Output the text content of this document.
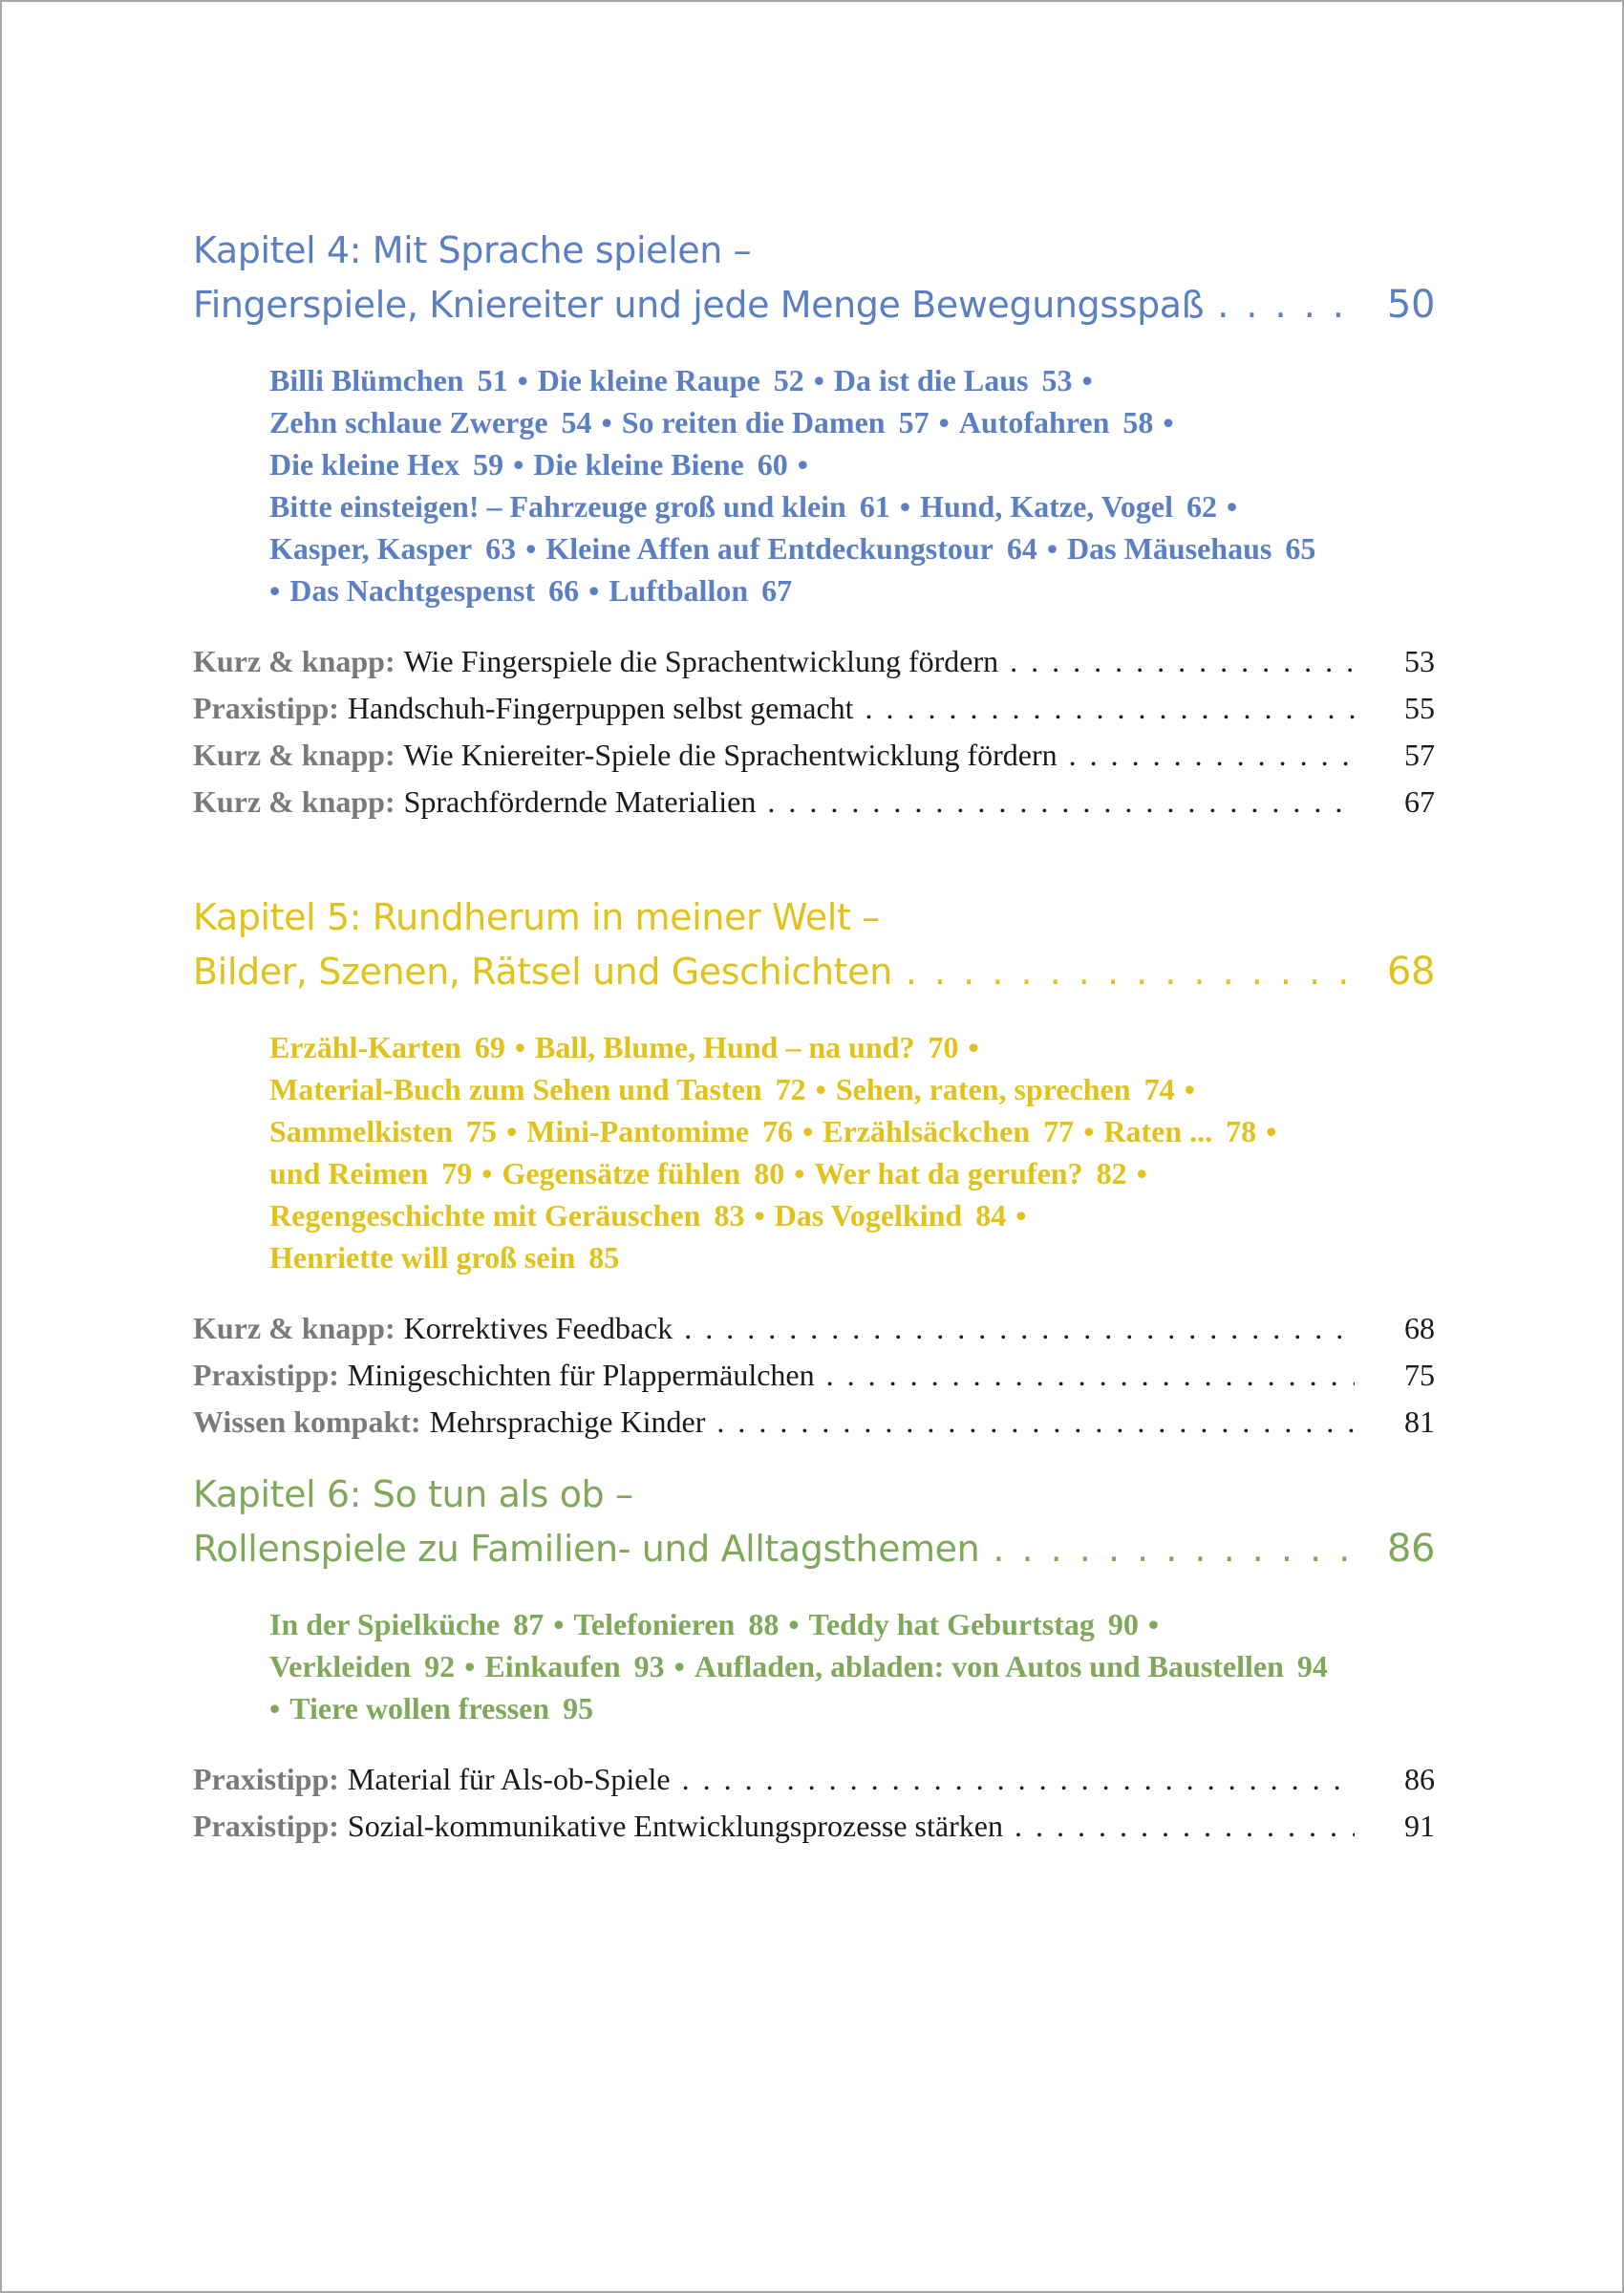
Kapitel 4: Mit Sprache spielen –
Fingerspiele, Kniereiter und jede Menge Bewegungsspaß . . .	50
Billi Blümchen 51 • Die kleine Raupe 52 • Da ist die Laus 53 • Zehn schlaue Zwerge 54 • So reiten die Damen 57 • Autofahren 58 • Die kleine Hex 59 • Die kleine Biene 60 • Bitte einsteigen! – Fahrzeuge groß und klein 61 • Hund, Katze, Vogel 62 • Kasper, Kasper 63 • Kleine Affen auf Entdeckungstour 64 • Das Mäusehaus 65 • Das Nachtgespenst 66 • Luftballon 67
Kurz & knapp: Wie Fingerspiele die Sprachentwicklung fördern . . .	53
Praxistipp: Handschuh-Fingerpuppen selbst gemacht . . .	55
Kurz & knapp: Wie Kniereiter-Spiele die Sprachentwicklung fördern . . .	57
Kurz & knapp: Sprachfördernde Materialien . . .	67
Kapitel 5: Rundherum in meiner Welt –
Bilder, Szenen, Rätsel und Geschichten . . .	68
Erzähl-Karten 69 • Ball, Blume, Hund – na und? 70 • Material-Buch zum Sehen und Tasten 72 • Sehen, raten, sprechen 74 • Sammelkisten 75 • Mini-Pantomime 76 • Erzählsäckchen 77 • Raten ... 78 • und Reimen 79 • Gegensätze fühlen 80 • Wer hat da gerufen? 82 • Regengeschichte mit Geräuschen 83 • Das Vogelkind 84 • Henriette will groß sein 85
Kurz & knapp: Korrektives Feedback . . .	68
Praxistipp: Minigeschichten für Plappermäulchen . . .	75
Wissen kompakt: Mehrsprachige Kinder . . .	81
Kapitel 6: So tun als ob –
Rollenspiele zu Familien- und Alltagsthemen . . .	86
In der Spielküche 87 • Telefonieren 88 • Teddy hat Geburtstag 90 • Verkleiden 92 • Einkaufen 93 • Aufladen, abladen: von Autos und Baustellen 94 • Tiere wollen fressen 95
Praxistipp: Material für Als-ob-Spiele . . .	86
Praxistipp: Sozial-kommunikative Entwicklungsprozesse stärken . . .	91
